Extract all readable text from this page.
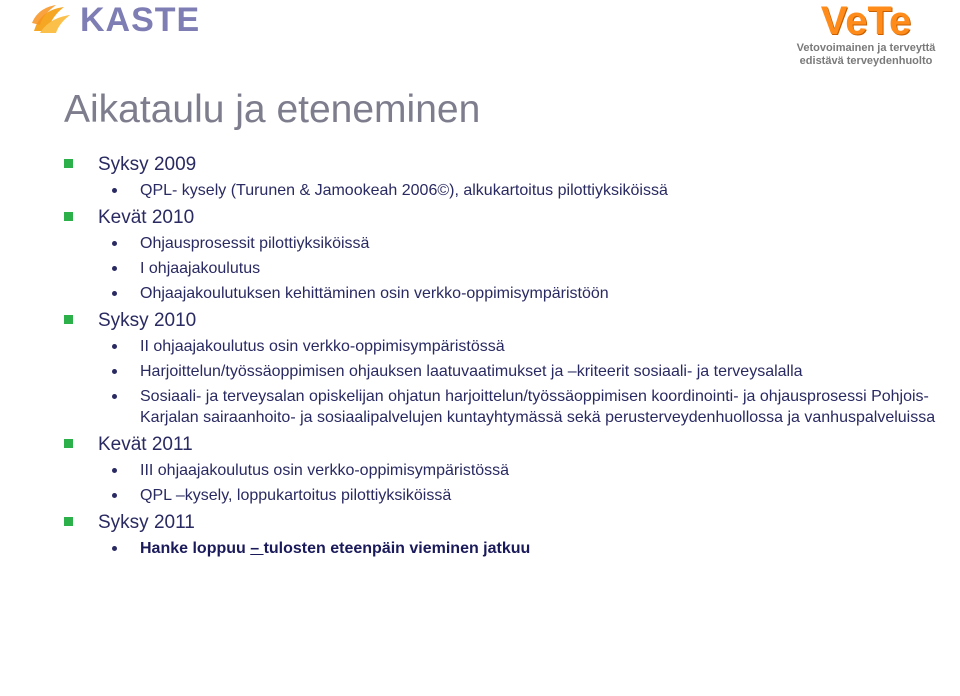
KASTE	VeTe
Vetovoimainen ja terveyttä
edistävä terveydenhuolto
Aikataulu ja eteneminen
Syksy 2009
QPL- kysely (Turunen & Jamookeah 2006©), alkukartoitus pilottiyksiköissä
Kevät 2010
Ohjausprosessit pilottiyksiköissä
I ohjaajakoulutus
Ohjaajakoulutuksen kehittäminen osin verkko-oppimisympäristöön
Syksy 2010
II ohjaajakoulutus osin verkko-oppimisympäristössä
Harjoittelun/työssäoppimisen ohjauksen laatuvaatimukset ja –kriteerit sosiaali- ja terveysalalla
Sosiaali- ja terveysalan opiskelijan ohjatun harjoittelun/työssäoppimisen koordinointi- ja ohjausprosessi Pohjois-Karjalan sairaanhoito- ja sosiaalipalvelujen kuntayhtymässä sekä perusterveydenhuollossa ja vanhuspalveluissa
Kevät 2011
III ohjaajakoulutus osin verkko-oppimisympäristössä
QPL –kysely, loppukartoitus pilottiyksiköissä
Syksy 2011
Hanke loppuu – tulosten eteenpäin vieminen jatkuu
